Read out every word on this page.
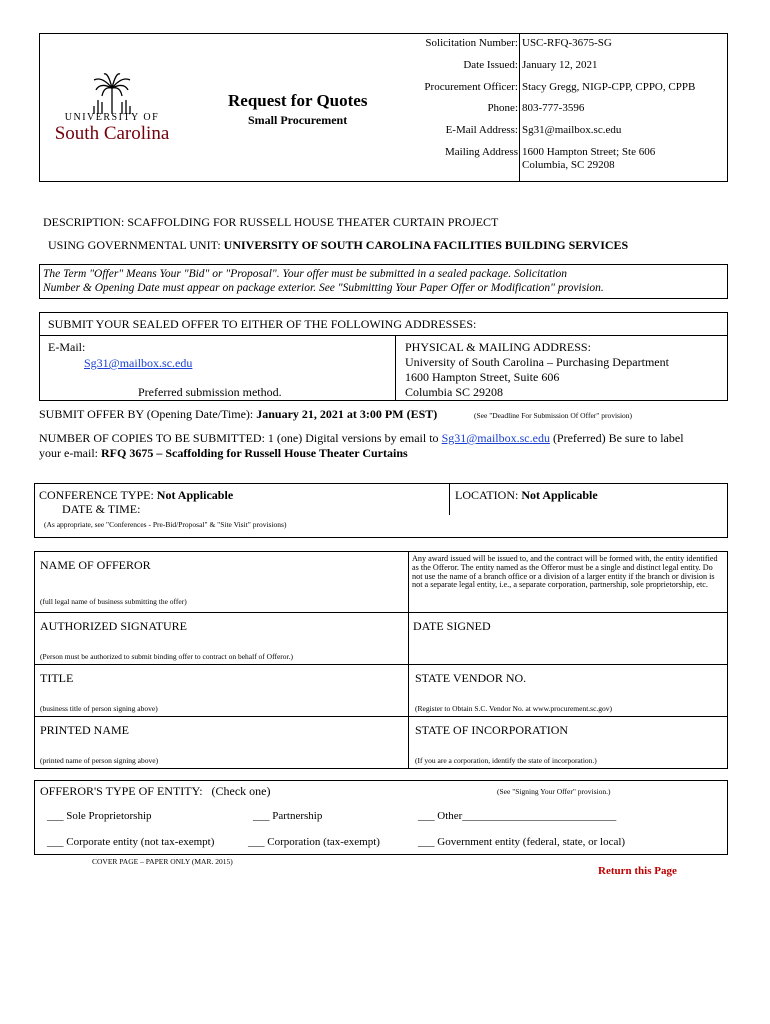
UNIVERSITY OF
South Carolina
Request for Quotes
Small Procurement
Solicitation Number: USC-RFQ-3675-SG
Date Issued: January 12, 2021
Procurement Officer: Stacy Gregg, NIGP-CPP, CPPO, CPPB
Phone: 803-777-3596
E-Mail Address: Sg31@mailbox.sc.edu
Mailing Address 1600 Hampton Street; Ste 606
Columbia, SC 29208
DESCRIPTION: SCAFFOLDING FOR RUSSELL HOUSE THEATER CURTAIN PROJECT
USING GOVERNMENTAL UNIT: UNIVERSITY OF SOUTH CAROLINA FACILITIES BUILDING SERVICES
The Term "Offer" Means Your "Bid" or "Proposal". Your offer must be submitted in a sealed package. Solicitation
Number & Opening Date must appear on package exterior. See "Submitting Your Paper Offer or Modification" provision.
SUBMIT YOUR SEALED OFFER TO EITHER OF THE FOLLOWING ADDRESSES:
E-Mail:
Sg31@mailbox.sc.edu
Preferred submission method.
PHYSICAL & MAILING ADDRESS:
University of South Carolina – Purchasing Department
1600 Hampton Street, Suite 606
Columbia SC 29208
SUBMIT OFFER BY (Opening Date/Time): January 21, 2021 at 3:00 PM (EST)	(See "Deadline For Submission Of Offer" provision)
NUMBER OF COPIES TO BE SUBMITTED: 1 (one) Digital versions by email to Sg31@mailbox.sc.edu (Preferred) Be sure to label
your e-mail: RFQ 3675 – Scaffolding for Russell House Theater Curtains
CONFERENCE TYPE: Not Applicable
DATE & TIME:
(As appropriate, see "Conferences - Pre-Bid/Proposal" & "Site Visit" provisions)
LOCATION: Not Applicable
NAME OF OFFEROR
(full legal name of business submitting the offer)
Any award issued will be issued to, and the contract will be formed with, the entity identified as the Offeror. The entity named as the Offeror must be a single and distinct legal entity. Do not use the name of a branch office or a division of a larger entity if the branch or division is not a separate legal entity, i.e., a separate corporation, partnership, sole proprietorship, etc.
AUTHORIZED SIGNATURE
(Person must be authorized to submit binding offer to contract on behalf of Offeror.)
DATE SIGNED
TITLE
(business title of person signing above)
STATE VENDOR NO.
(Register to Obtain S.C. Vendor No. at www.procurement.sc.gov)
PRINTED NAME
(printed name of person signing above)
STATE OF INCORPORATION
(If you are a corporation, identify the state of incorporation.)
OFFEROR'S TYPE OF ENTITY:   (Check one)	(See "Signing Your Offer" provision.)
___ Sole Proprietorship	___ Partnership	___ Other____________________________
___ Corporate entity (not tax-exempt)	___ Corporation (tax-exempt)	___ Government entity (federal, state, or local)
COVER PAGE – PAPER ONLY (MAR. 2015)
Return this Page
